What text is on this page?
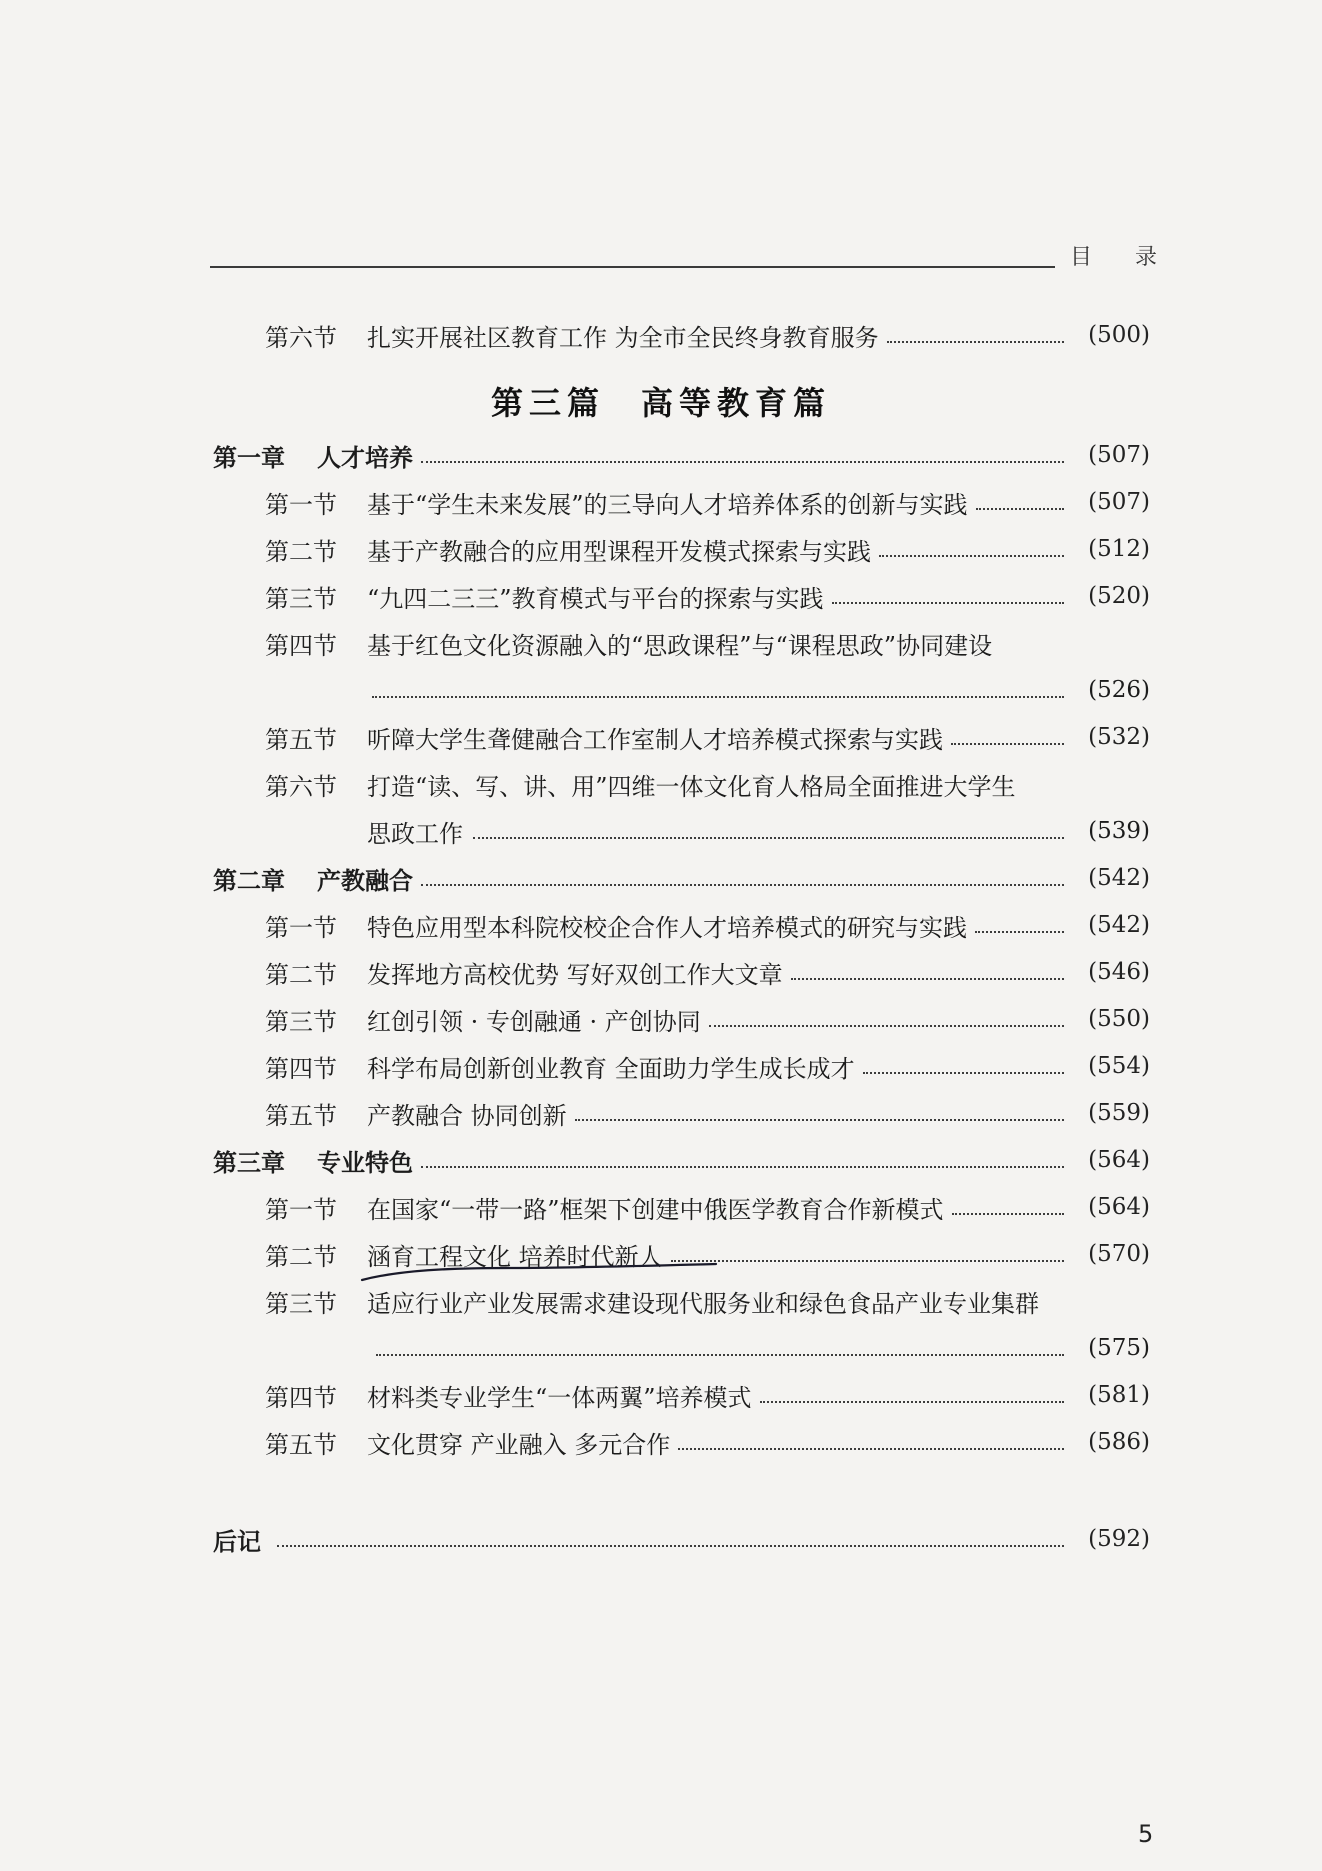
目 录
第三篇 高等教育篇
第六节	扎实开展社区教育工作 为全市全民终身教育服务	(500)
第一章	人才培养	(507)
第一节	基于“学生未来发展”的三导向人才培养体系的创新与实践	(507)
第二节	基于产教融合的应用型课程开发模式探索与实践	(512)
第三节	“九四二三三”教育模式与平台的探索与实践	(520)
第四节	基于红色文化资源融入的“思政课程”与“课程思政”协同建设
(526)
第五节	听障大学生聋健融合工作室制人才培养模式探索与实践	(532)
第六节	打造“读、写、讲、用”四维一体文化育人格局全面推进大学生
思政工作	(539)
第二章	产教融合	(542)
第一节	特色应用型本科院校校企合作人才培养模式的研究与实践	(542)
第二节	发挥地方高校优势 写好双创工作大文章	(546)
第三节	红创引领 · 专创融通 · 产创协同	(550)
第四节	科学布局创新创业教育 全面助力学生成长成才	(554)
第五节	产教融合 协同创新	(559)
第三章	专业特色	(564)
第一节	在国家“一带一路”框架下创建中俄医学教育合作新模式	(564)
第二节	涵育工程文化 培养时代新人	(570)
第三节	适应行业产业发展需求建设现代服务业和绿色食品产业专业集群
(575)
第四节	材料类专业学生“一体两翼”培养模式	(581)
第五节	文化贯穿 产业融入 多元合作	(586)
后记	(592)
5
